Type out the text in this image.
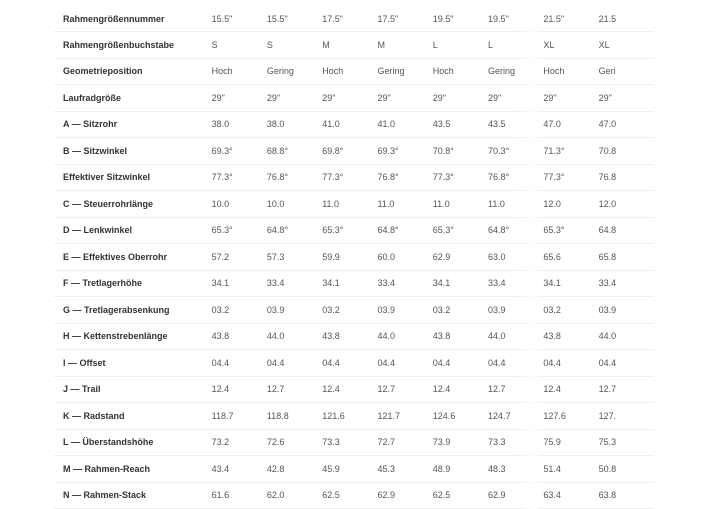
Rahmengrößennummer	15.5"	15.5"	17.5"	17.5"	19.5"	19.5"	21.5"	21.5
Rahmengrößenbuchstabe	S	S	M	M	L	L	XL	XL
Geometrieposition	Hoch	Gering	Hoch	Gering	Hoch	Gering	Hoch	Geri
Laufradgröße	29"	29"	29"	29"	29"	29"	29"	29"
A — Sitzrohr	38.0	38.0	41.0	41.0	43.5	43.5	47.0	47.0
B — Sitzwinkel	69.3°	68.8°	69.8°	69.3°	70.8°	70.3°	71.3°	70.8
Effektiver Sitzwinkel	77.3°	76.8°	77.3°	76.8°	77.3°	76.8°	77.3°	76.8
C — Steuerrohrlänge	10.0	10.0	11.0	11.0	11.0	11.0	12.0	12.0
D — Lenkwinkel	65.3°	64.8°	65.3°	64.8°	65.3°	64.8°	65.3°	64.8
E — Effektives Oberrohr	57.2	57.3	59.9	60.0	62.9	63.0	65.6	65.8
F — Tretlagerhöhe	34.1	33.4	34.1	33.4	34.1	33.4	34.1	33.4
G — Tretlagerabsenkung	03.2	03.9	03.2	03.9	03.2	03.9	03.2	03.9
H — Kettenstrebenlänge	43.8	44.0	43.8	44.0	43.8	44.0	43.8	44.0
I — Offset	04.4	04.4	04.4	04.4	04.4	04.4	04.4	04.4
J — Trail	12.4	12.7	12.4	12.7	12.4	12.7	12.4	12.7
K — Radstand	118.7	118.8	121.6	121.7	124.6	124.7	127.6	127.
L — Überstandshöhe	73.2	72.6	73.3	72.7	73.9	73.3	75.9	75.3
M — Rahmen-Reach	43.4	42.8	45.9	45.3	48.9	48.3	51.4	50.8
N — Rahmen-Stack	61.6	62.0	62.5	62.9	62.5	62.9	63.4	63.8
